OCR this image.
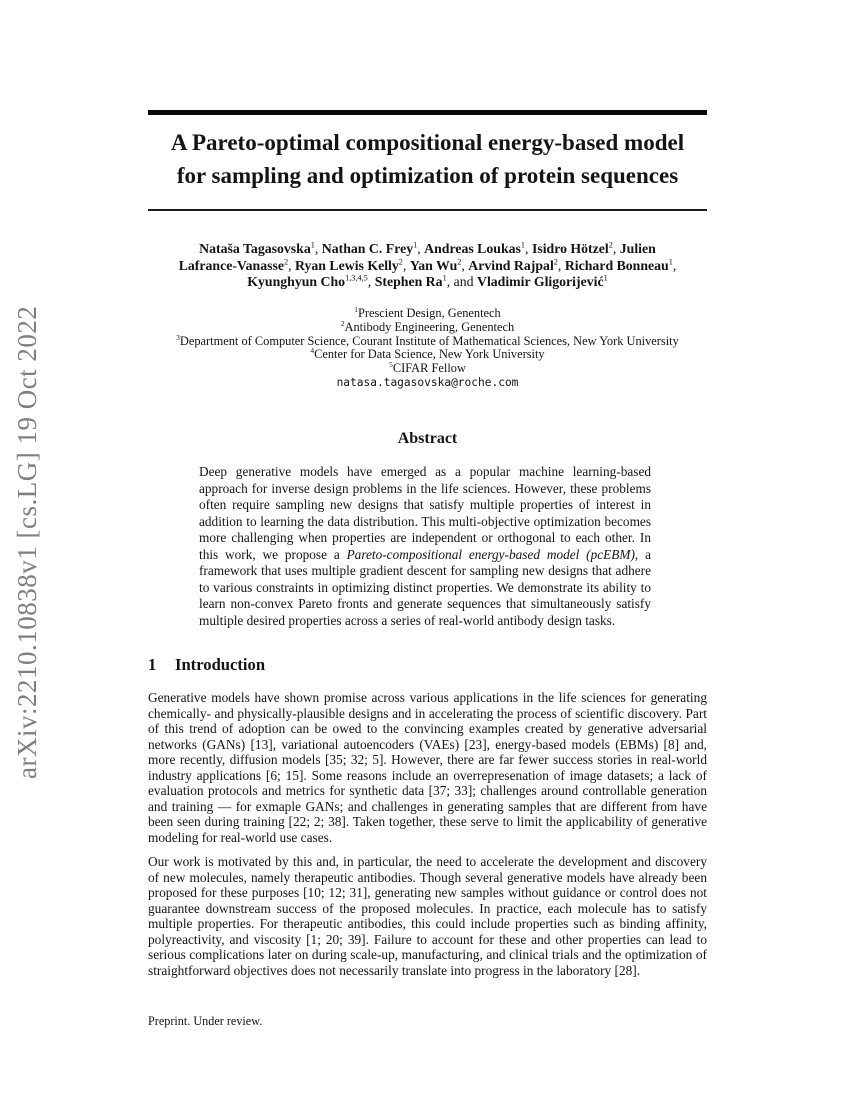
arXiv:2210.10838v1 [cs.LG] 19 Oct 2022
A Pareto-optimal compositional energy-based model
for sampling and optimization of protein sequences
Nataša Tagasovska$^1$, Nathan C. Frey$^1$, Andreas Loukas$^1$, Isidro Hötzel$^2$, Julien
Lafrance-Vanasse$^2$, Ryan Lewis Kelly$^2$, Yan Wu$^2$, Arvind Rajpal$^2$, Richard Bonneau$^1$,
Kyunghyun Cho$^{1,3,4,5}$, Stephen Ra$^1$, and Vladimir Gligorijević$^1$
$^1$Prescient Design, Genentech
$^2$Antibody Engineering, Genentech
$^3$Department of Computer Science, Courant Institute of Mathematical Sciences, New York University
$^4$Center for Data Science, New York University
$^5$CIFAR Fellow
natasa.tagasovska@roche.com
Abstract

Deep generative models have emerged as a popular machine learning-based approach for inverse design problems in the life sciences. However, these problems often require sampling new designs that satisfy multiple properties of interest in addition to learning the data distribution. This multi-objective optimization becomes more challenging when properties are independent or orthogonal to each other. In this work, we propose a Pareto-compositional energy-based model (pcEBM), a framework that uses multiple gradient descent for sampling new designs that adhere to various constraints in optimizing distinct properties. We demonstrate its ability to learn non-convex Pareto fronts and generate sequences that simultaneously satisfy multiple desired properties across a series of real-world antibody design tasks.

1 Introduction

Generative models have shown promise across various applications in the life sciences for generating chemically- and physically-plausible designs and in accelerating the process of scientific discovery. Part of this trend of adoption can be owed to the convincing examples created by generative adversarial networks (GANs) [13], variational autoencoders (VAEs) [23], energy-based models (EBMs) [8] and, more recently, diffusion models [35; 32; 5]. However, there are far fewer success stories in real-world industry applications [6; 15]. Some reasons include an overrepresenation of image datasets; a lack of evaluation protocols and metrics for synthetic data [37; 33]; challenges around controllable generation and training — for exmaple GANs; and challenges in generating samples that are different from have been seen during training [22; 2; 38]. Taken together, these serve to limit the applicability of generative modeling for real-world use cases.

Our work is motivated by this and, in particular, the need to accelerate the development and discovery of new molecules, namely therapeutic antibodies. Though several generative models have already been proposed for these purposes [10; 12; 31], generating new samples without guidance or control does not guarantee downstream success of the proposed molecules. In practice, each molecule has to satisfy multiple properties. For therapeutic antibodies, this could include properties such as binding affinity, polyreactivity, and viscosity [1; 20; 39]. Failure to account for these and other properties can lead to serious complications later on during scale-up, manufacturing, and clinical trials and the optimization of straightforward objectives does not necessarily translate into progress in the laboratory [28].

Preprint. Under review.
